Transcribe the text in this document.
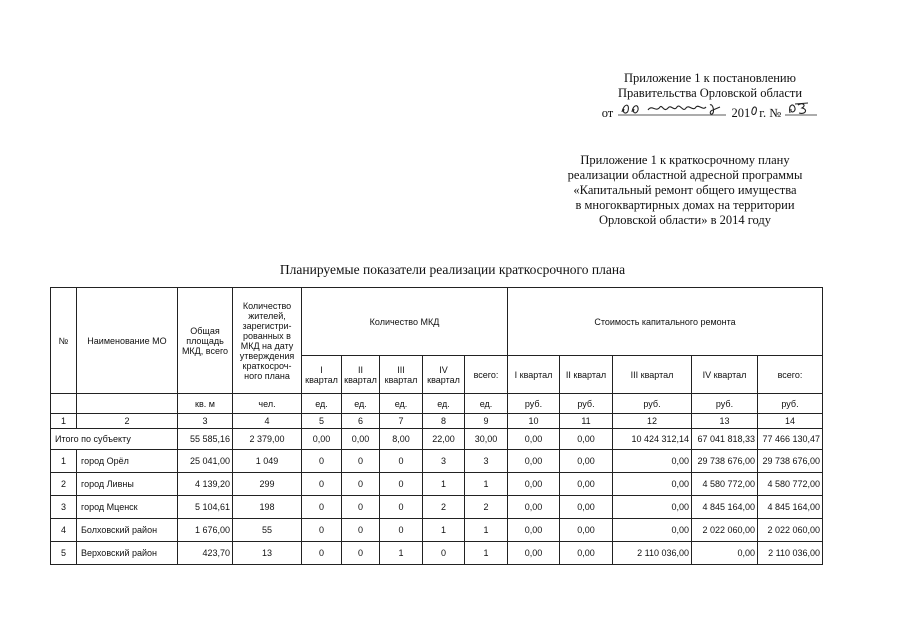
Приложение 1 к постановлению
Правительства Орловской области
от	201 г. №
Приложение 1 к краткосрочному плану
реализации областной адресной программы
«Капитальный ремонт общего имущества
в многоквартирных домах на территории
Орловской области» в 2014 году
Планируемые показатели реализации краткосрочного плана
№	Наименование МО	Общая площадь МКД, всего	Количество жителей, зарегистри-рованных в МКД на дату утверждения краткосроч-ного плана	Количество МКД					Стоимость капитального ремонта				
				I квартал	II квартал	III квартал	IV квартал	всего:	I квартал	II квартал	III квартал	IV квартал	всего:
		кв. м	чел.	ед.	ед.	ед.	ед.	ед.	руб.	руб.	руб.	руб.	руб.
1	2	3	4	5	6	7	8	9	10	11	12	13	14
Итого по субъекту		55 585,16	2 379,00	0,00	0,00	8,00	22,00	30,00	0,00	0,00	10 424 312,14	67 041 818,33	77 466 130,47
1	город Орёл	25 041,00	1 049	0	0	0	3	3	0,00	0,00	0,00	29 738 676,00	29 738 676,00
2	город Ливны	4 139,20	299	0	0	0	1	1	0,00	0,00	0,00	4 580 772,00	4 580 772,00
3	город Мценск	5 104,61	198	0	0	0	2	2	0,00	0,00	0,00	4 845 164,00	4 845 164,00
4	Болховский район	1 676,00	55	0	0	0	1	1	0,00	0,00	0,00	2 022 060,00	2 022 060,00
5	Верховский район	423,70	13	0	0	1	0	1	0,00	0,00	2 110 036,00	0,00	2 110 036,00
